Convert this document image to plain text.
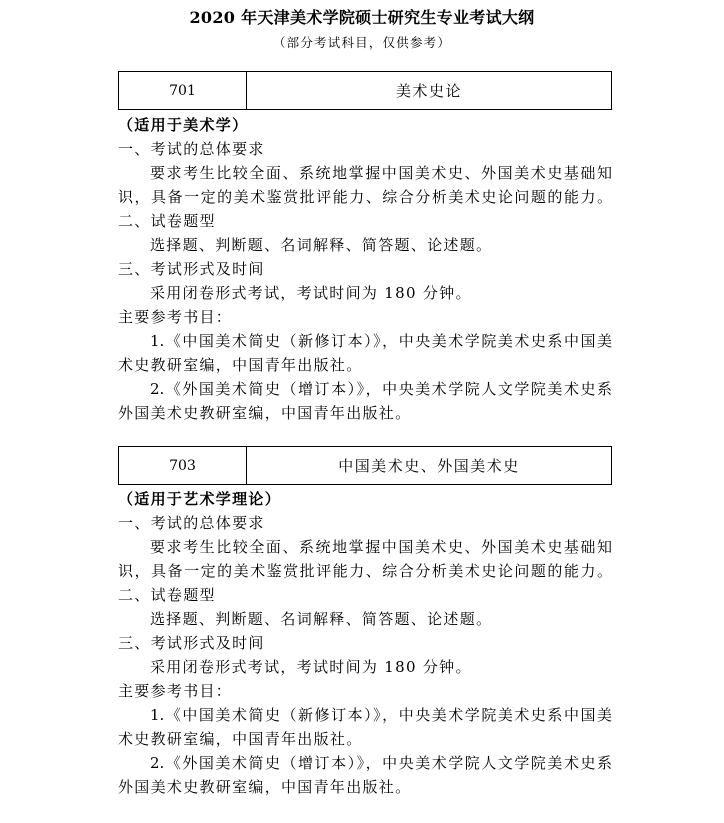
2020 年天津美术学院硕士研究生专业考试大纲
（部分考试科目，仅供参考）
701	美术史论
（适用于美术学）
一、考试的总体要求
要求考生比较全面、系统地掌握中国美术史、外国美术史基础知
识，具备一定的美术鉴赏批评能力、综合分析美术史论问题的能力。
二、试卷题型
选择题、判断题、名词解释、简答题、论述题。
三、考试形式及时间
采用闭卷形式考试，考试时间为 180 分钟。
主要参考书目：
1.《中国美术简史（新修订本）》，中央美术学院美术史系中国美
术史教研室编，中国青年出版社。
2.《外国美术简史（增订本）》，中央美术学院人文学院美术史系
外国美术史教研室编，中国青年出版社。
703	中国美术史、外国美术史
（适用于艺术学理论）
一、考试的总体要求
要求考生比较全面、系统地掌握中国美术史、外国美术史基础知
识，具备一定的美术鉴赏批评能力、综合分析美术史论问题的能力。
二、试卷题型
选择题、判断题、名词解释、简答题、论述题。
三、考试形式及时间
采用闭卷形式考试，考试时间为 180 分钟。
主要参考书目：
1.《中国美术简史（新修订本）》，中央美术学院美术史系中国美
术史教研室编，中国青年出版社。
2.《外国美术简史（增订本）》，中央美术学院人文学院美术史系
外国美术史教研室编，中国青年出版社。
